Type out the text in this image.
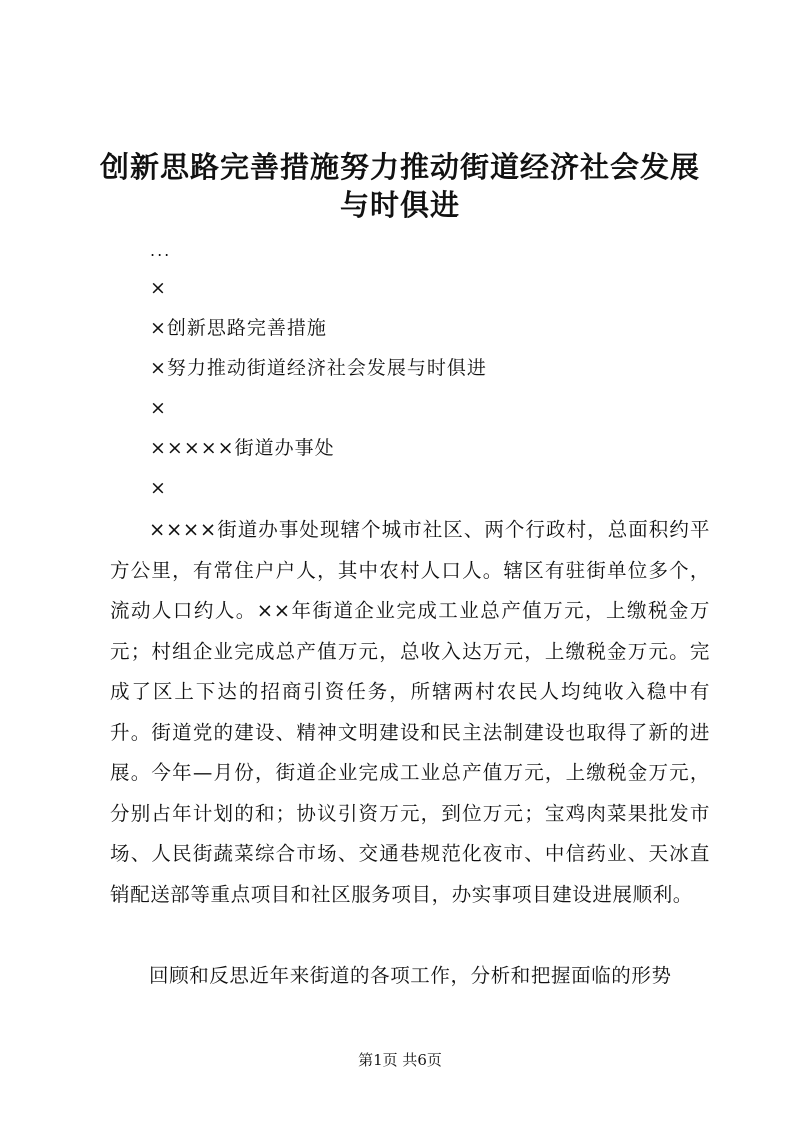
创新思路完善措施努力推动街道经济社会发展
与时俱进
...
×
×创新思路完善措施
×努力推动街道经济社会发展与时俱进
×
×××××街道办事处
×
××××街道办事处现辖个城市社区、两个行政村，总面积约平方公里，有常住户户人，其中农村人口人。辖区有驻街单位多个，流动人口约人。××年街道企业完成工业总产值万元，上缴税金万元；村组企业完成总产值万元，总收入达万元，上缴税金万元。完成了区上下达的招商引资任务，所辖两村农民人均纯收入稳中有升。街道党的建设、精神文明建设和民主法制建设也取得了新的进展。今年—月份，街道企业完成工业总产值万元，上缴税金万元，分别占年计划的和；协议引资万元，到位万元；宝鸡肉菜果批发市场、人民街蔬菜综合市场、交通巷规范化夜市、中信药业、天冰直销配送部等重点项目和社区服务项目，办实事项目建设进展顺利。
回顾和反思近年来街道的各项工作，分析和把握面临的形势
第1页 共6页
